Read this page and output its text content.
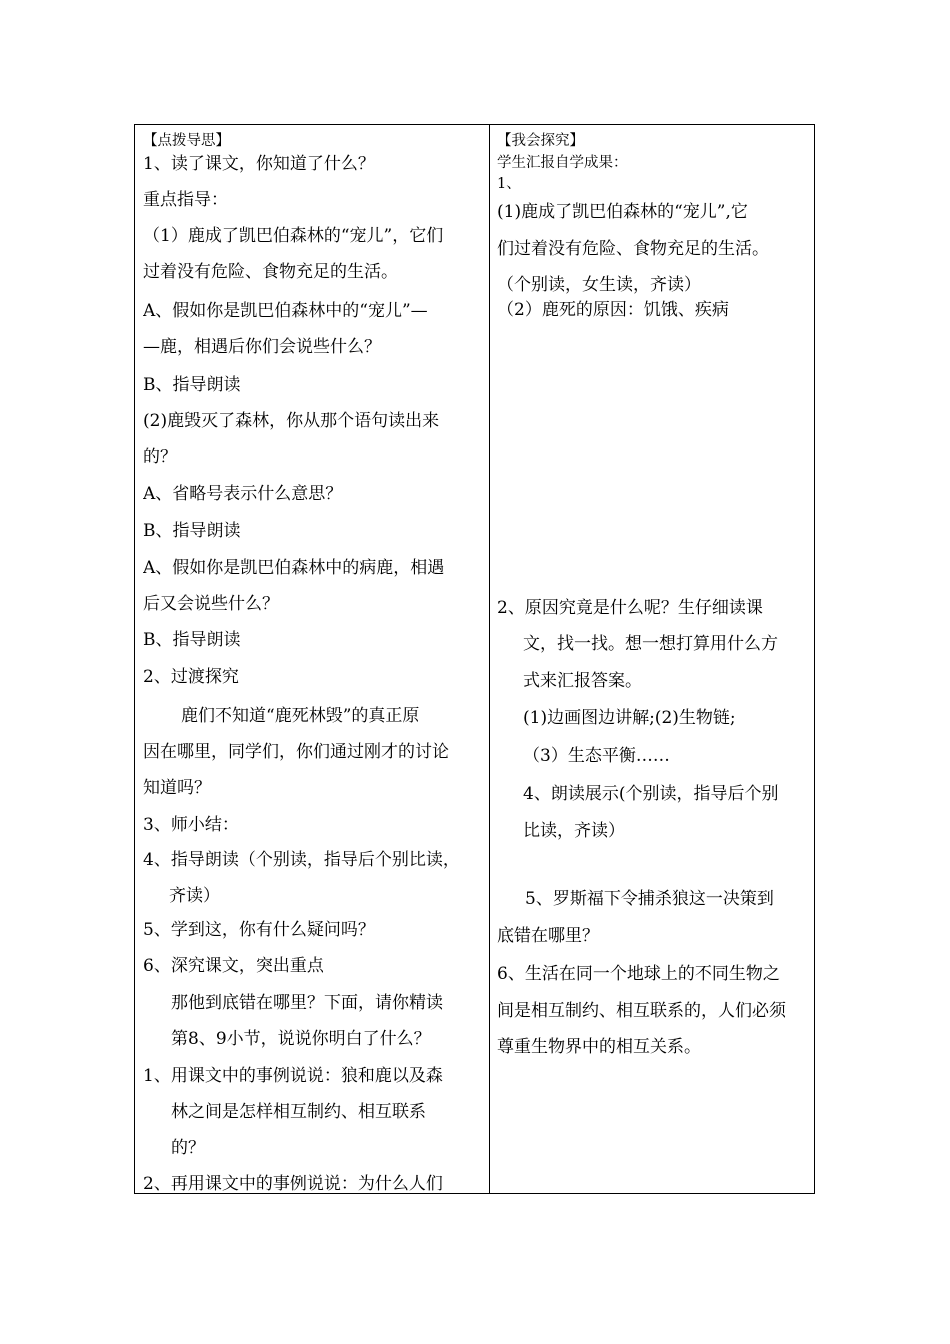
【点拨导思】
1、读了课文，你知道了什么？
重点指导：
（1）鹿成了凯巴伯森林的“宠儿”，它们
过着没有危险、食物充足的生活。
A、假如你是凯巴伯森林中的“宠儿”—
—鹿，相遇后你们会说些什么？
B、指导朗读
(2)鹿毁灭了森林，你从那个语句读出来
的？
A、省略号表示什么意思？
B、指导朗读
A、假如你是凯巴伯森林中的病鹿，相遇
后又会说些什么？
B、指导朗读
2、过渡探究
鹿们不知道“鹿死林毁”的真正原
因在哪里，同学们，你们通过刚才的讨论
知道吗？
3、师小结：
4、指导朗读（个别读，指导后个别比读，
齐读）
5、学到这，你有什么疑问吗？
6、深究课文，突出重点
那他到底错在哪里？下面，请你精读
第8、9小节，说说你明白了什么？
1、用课文中的事例说说：狼和鹿以及森
林之间是怎样相互制约、相互联系
的？
2、再用课文中的事例说说：为什么人们
【我会探究】
学生汇报自学成果：
1、
(1)鹿成了凯巴伯森林的“宠儿”,它
们过着没有危险、食物充足的生活。
（个别读，女生读，齐读）
（2）鹿死的原因：饥饿、疾病
2、原因究竟是什么呢？生仔细读课
文，找一找。想一想打算用什么方
式来汇报答案。
(1)边画图边讲解;(2)生物链;
（3）生态平衡……
4、朗读展示(个别读，指导后个别
比读，齐读）
5、罗斯福下令捕杀狼这一决策到
底错在哪里？
6、生活在同一个地球上的不同生物之
间是相互制约、相互联系的，人们必须
尊重生物界中的相互关系。
